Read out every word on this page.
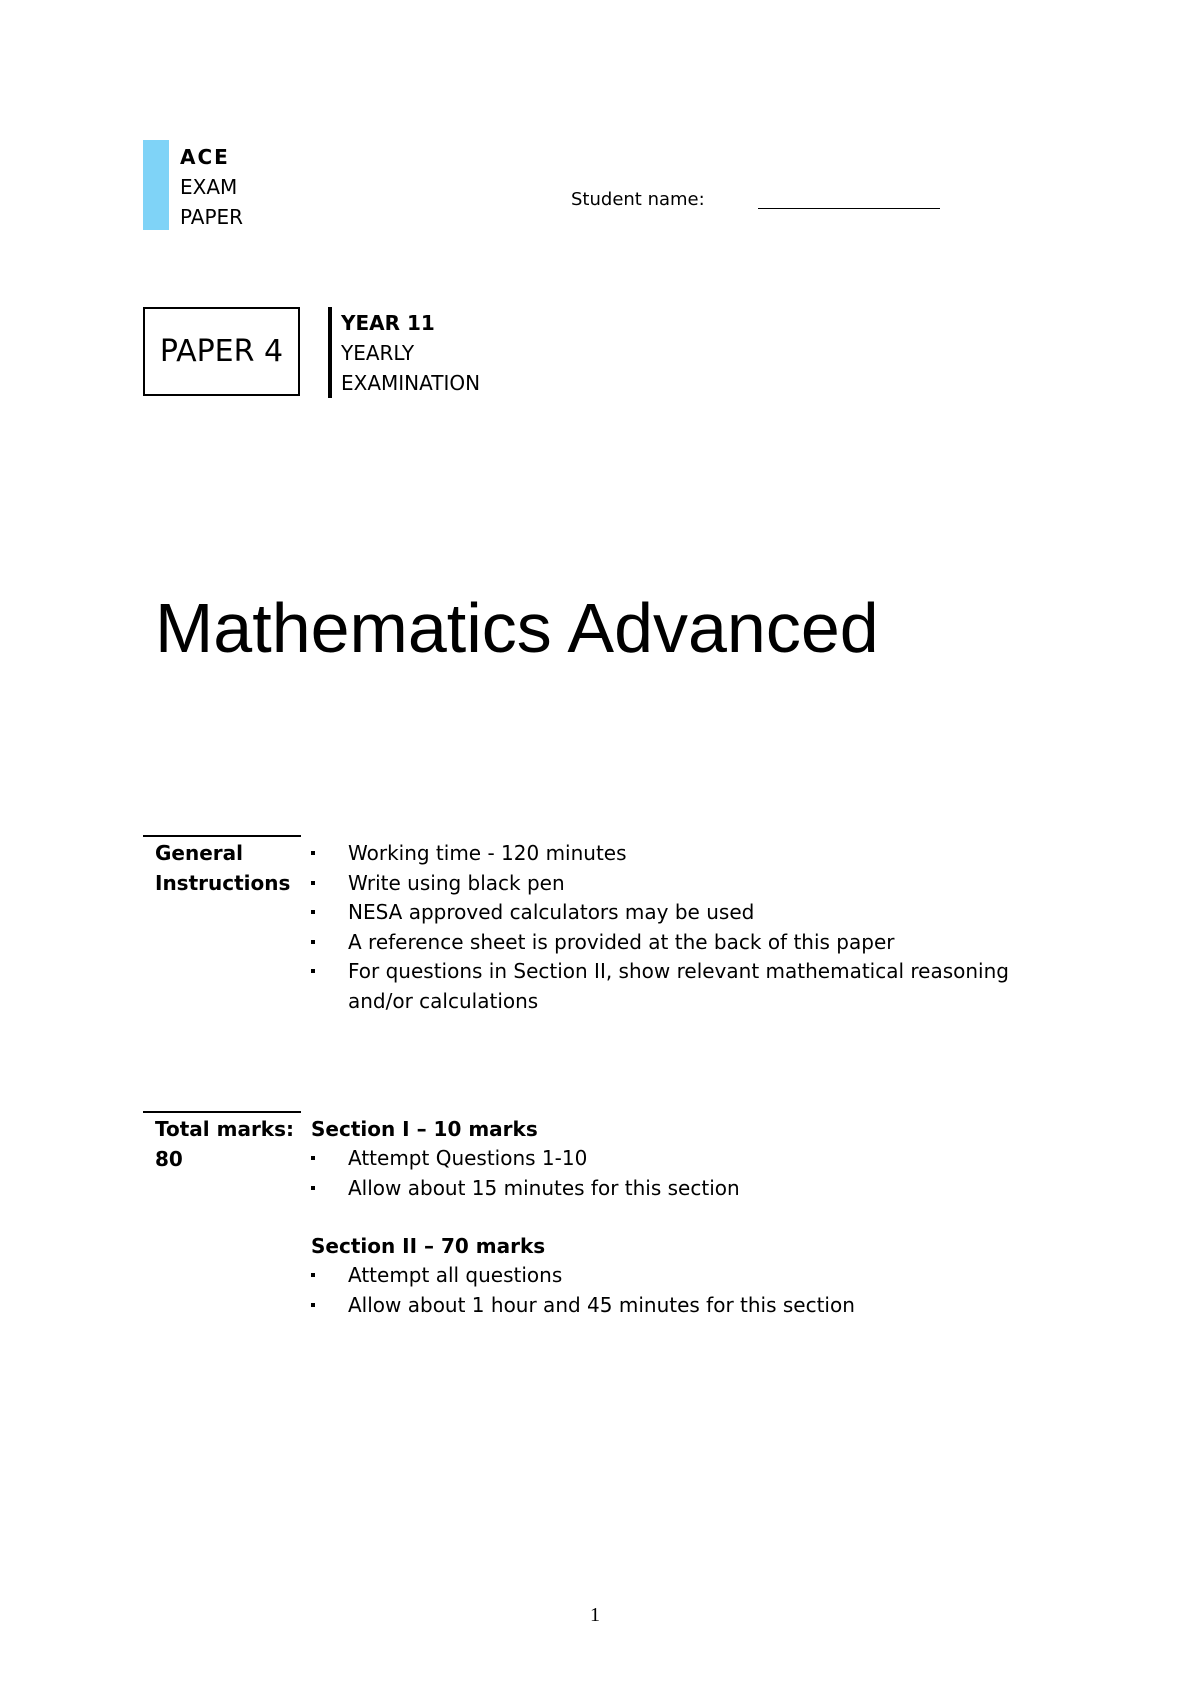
ACE
EXAM
PAPER
Student name:
PAPER 4
YEAR 11
YEARLY
EXAMINATION
Mathematics Advanced
General
Instructions
Working time - 120 minutes
Write using black pen
NESA approved calculators may be used
A reference sheet is provided at the back of this paper
For questions in Section II, show relevant mathematical reasoning and/or calculations
Total marks:
80

Section I – 10 marks

Attempt Questions 1-10
Allow about 15 minutes for this section

Section II – 70 marks

Attempt all questions
Allow about 1 hour and 45 minutes for this section
1
